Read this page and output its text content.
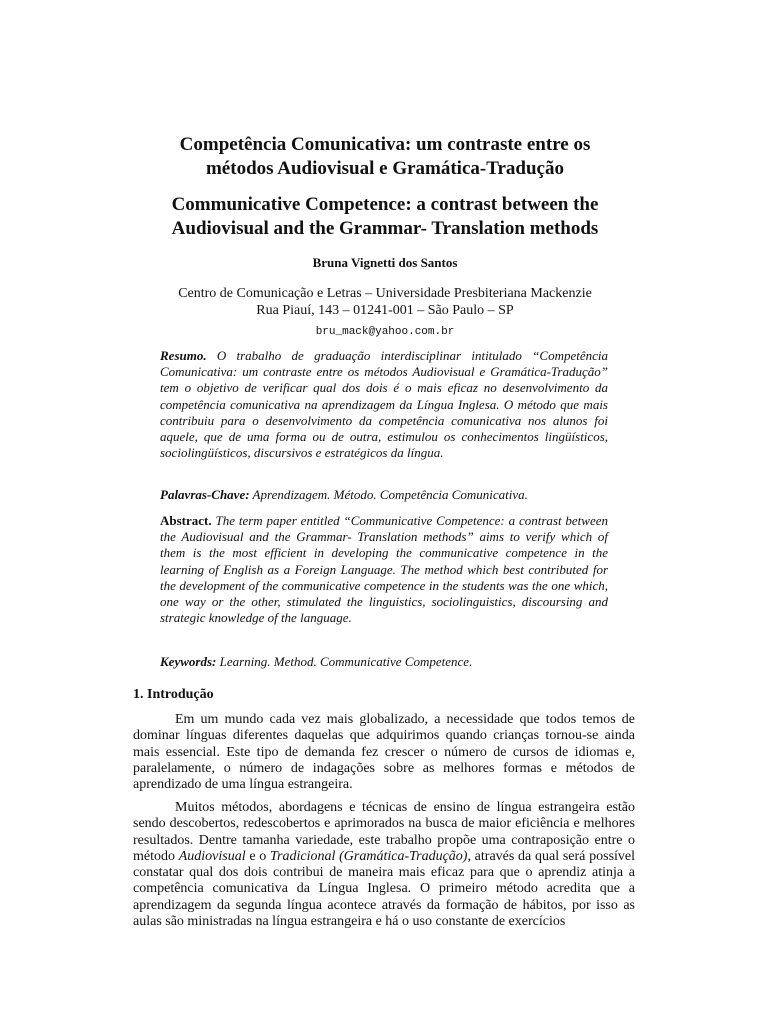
Competência Comunicativa: um contraste entre os métodos Audiovisual e Gramática-Tradução
Communicative Competence: a contrast between the Audiovisual and the Grammar- Translation methods
Bruna Vignetti dos Santos
Centro de Comunicação e Letras – Universidade Presbiteriana Mackenzie
Rua Piauí, 143 – 01241-001 – São Paulo – SP
bru_mack@yahoo.com.br
Resumo. O trabalho de graduação interdisciplinar intitulado “Competência Comunicativa: um contraste entre os métodos Audiovisual e Gramática-Tradução” tem o objetivo de verificar qual dos dois é o mais eficaz no desenvolvimento da competência comunicativa na aprendizagem da Língua Inglesa. O método que mais contribuiu para o desenvolvimento da competência comunicativa nos alunos foi aquele, que de uma forma ou de outra, estimulou os conhecimentos lingüísticos, sociolingüísticos, discursivos e estratégicos da língua.
Palavras-Chave: Aprendizagem. Método. Competência Comunicativa.
Abstract. The term paper entitled “Communicative Competence: a contrast between the Audiovisual and the Grammar- Translation methods” aims to verify which of them is the most efficient in developing the communicative competence in the learning of English as a Foreign Language. The method which best contributed for the development of the communicative competence in the students was the one which, one way or the other, stimulated the linguistics, sociolinguistics, discoursing and strategic knowledge of the language.
Keywords: Learning. Method. Communicative Competence.
1. Introdução
Em um mundo cada vez mais globalizado, a necessidade que todos temos de dominar línguas diferentes daquelas que adquirimos quando crianças tornou-se ainda mais essencial. Este tipo de demanda fez crescer o número de cursos de idiomas e, paralelamente, o número de indagações sobre as melhores formas e métodos de aprendizado de uma língua estrangeira.
Muitos métodos, abordagens e técnicas de ensino de língua estrangeira estão sendo descobertos, redescobertos e aprimorados na busca de maior eficiência e melhores resultados. Dentre tamanha variedade, este trabalho propõe uma contraposição entre o método Audiovisual e o Tradicional (Gramática-Tradução), através da qual será possível constatar qual dos dois contribui de maneira mais eficaz para que o aprendiz atinja a competência comunicativa da Língua Inglesa. O primeiro método acredita que a aprendizagem da segunda língua acontece através da formação de hábitos, por isso as aulas são ministradas na língua estrangeira e há o uso constante de exercícios
